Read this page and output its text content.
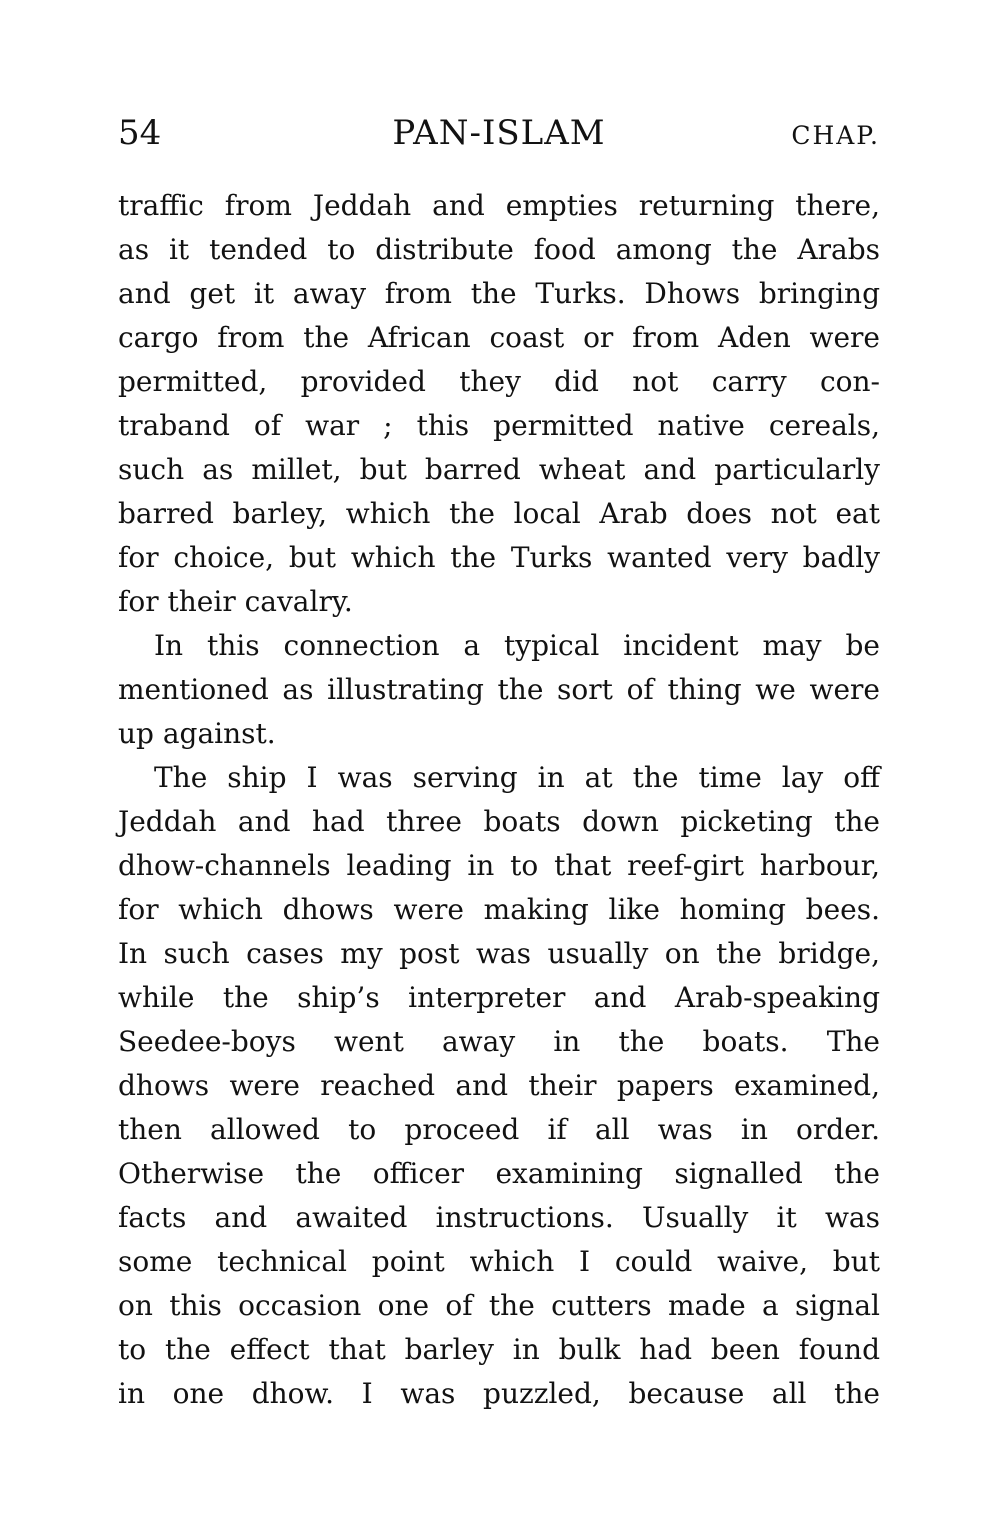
54	PAN-ISLAM	CHAP.
traffic from Jeddah and empties returning there,
as it tended to distribute food among the Arabs
and get it away from the Turks. Dhows bringing
cargo from the African coast or from Aden were
permitted, provided they did not carry con-
traband of war ; this permitted native cereals,
such as millet, but barred wheat and particularly
barred barley, which the local Arab does not eat
for choice, but which the Turks wanted very badly
for their cavalry.
In this connection a typical incident may be
mentioned as illustrating the sort of thing we were
up against.
The ship I was serving in at the time lay off
Jeddah and had three boats down picketing the
dhow-channels leading in to that reef-girt harbour,
for which dhows were making like homing bees.
In such cases my post was usually on the bridge,
while the ship’s interpreter and Arab-speaking
Seedee-boys went away in the boats. The
dhows were reached and their papers examined,
then allowed to proceed if all was in order.
Otherwise the officer examining signalled the
facts and awaited instructions. Usually it was
some technical point which I could waive, but
on this occasion one of the cutters made a signal
to the effect that barley in bulk had been found
in one dhow. I was puzzled, because all the
